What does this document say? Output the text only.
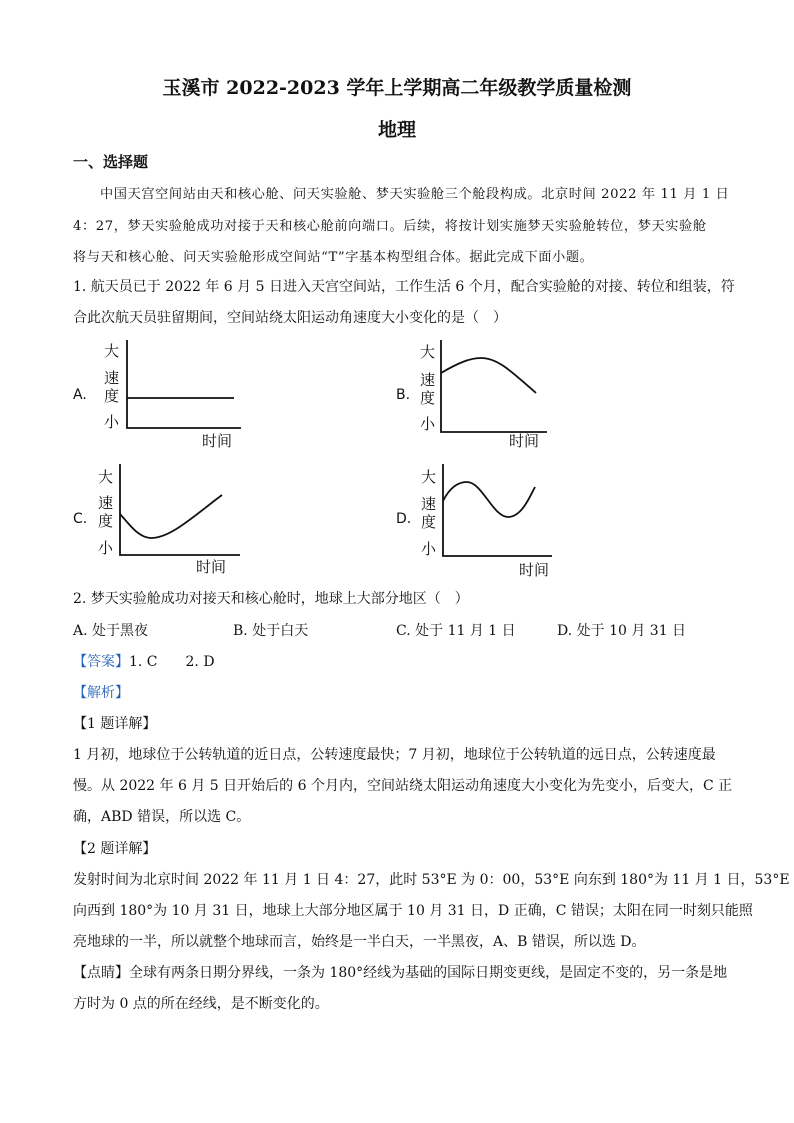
玉溪市 2022-2023 学年上学期高二年级教学质量检测
地理
一、选择题
中国天宫空间站由天和核心舱、问天实验舱、梦天实验舱三个舱段构成。北京时间 2022 年 11 月 1 日
4：27，梦天实验舱成功对接于天和核心舱前向端口。后续，将按计划实施梦天实验舱转位，梦天实验舱
将与天和核心舱、问天实验舱形成空间站“T”字基本构型组合体。据此完成下面小题。
1. 航天员已于 2022 年 6 月 5 日进入天宫空间站，工作生活 6 个月，配合实验舱的对接、转位和组装，符
合此次航天员驻留期间，空间站绕太阳运动角速度大小变化的是（　）
A.
大
速
度
小
时间
B.
大
速
度
小
时间
C.
大
速
度
小
时间
D.
大
速
度
小
时间
2. 梦天实验舱成功对接天和核心舱时，地球上大部分地区（　）
A. 处于黑夜	B. 处于白天	C. 处于 11 月 1 日	D. 处于 10 月 31 日
【答案】1. C　　2. D
【解析】
【1 题详解】
1 月初，地球位于公转轨道的近日点，公转速度最快；7 月初，地球位于公转轨道的远日点，公转速度最
慢。从 2022 年 6 月 5 日开始后的 6 个月内，空间站绕太阳运动角速度大小变化为先变小，后变大，C 正
确，ABD 错误，所以选 C。
【2 题详解】
发射时间为北京时间 2022 年 11 月 1 日 4：27，此时 53°E 为 0：00，53°E 向东到 180°为 11 月 1 日，53°E
向西到 180°为 10 月 31 日，地球上大部分地区属于 10 月 31 日，D 正确，C 错误；太阳在同一时刻只能照
亮地球的一半，所以就整个地球而言，始终是一半白天，一半黑夜，A、B 错误，所以选 D。
【点睛】全球有两条日期分界线，一条为 180°经线为基础的国际日期变更线，是固定不变的，另一条是地
方时为 0 点的所在经线，是不断变化的。
